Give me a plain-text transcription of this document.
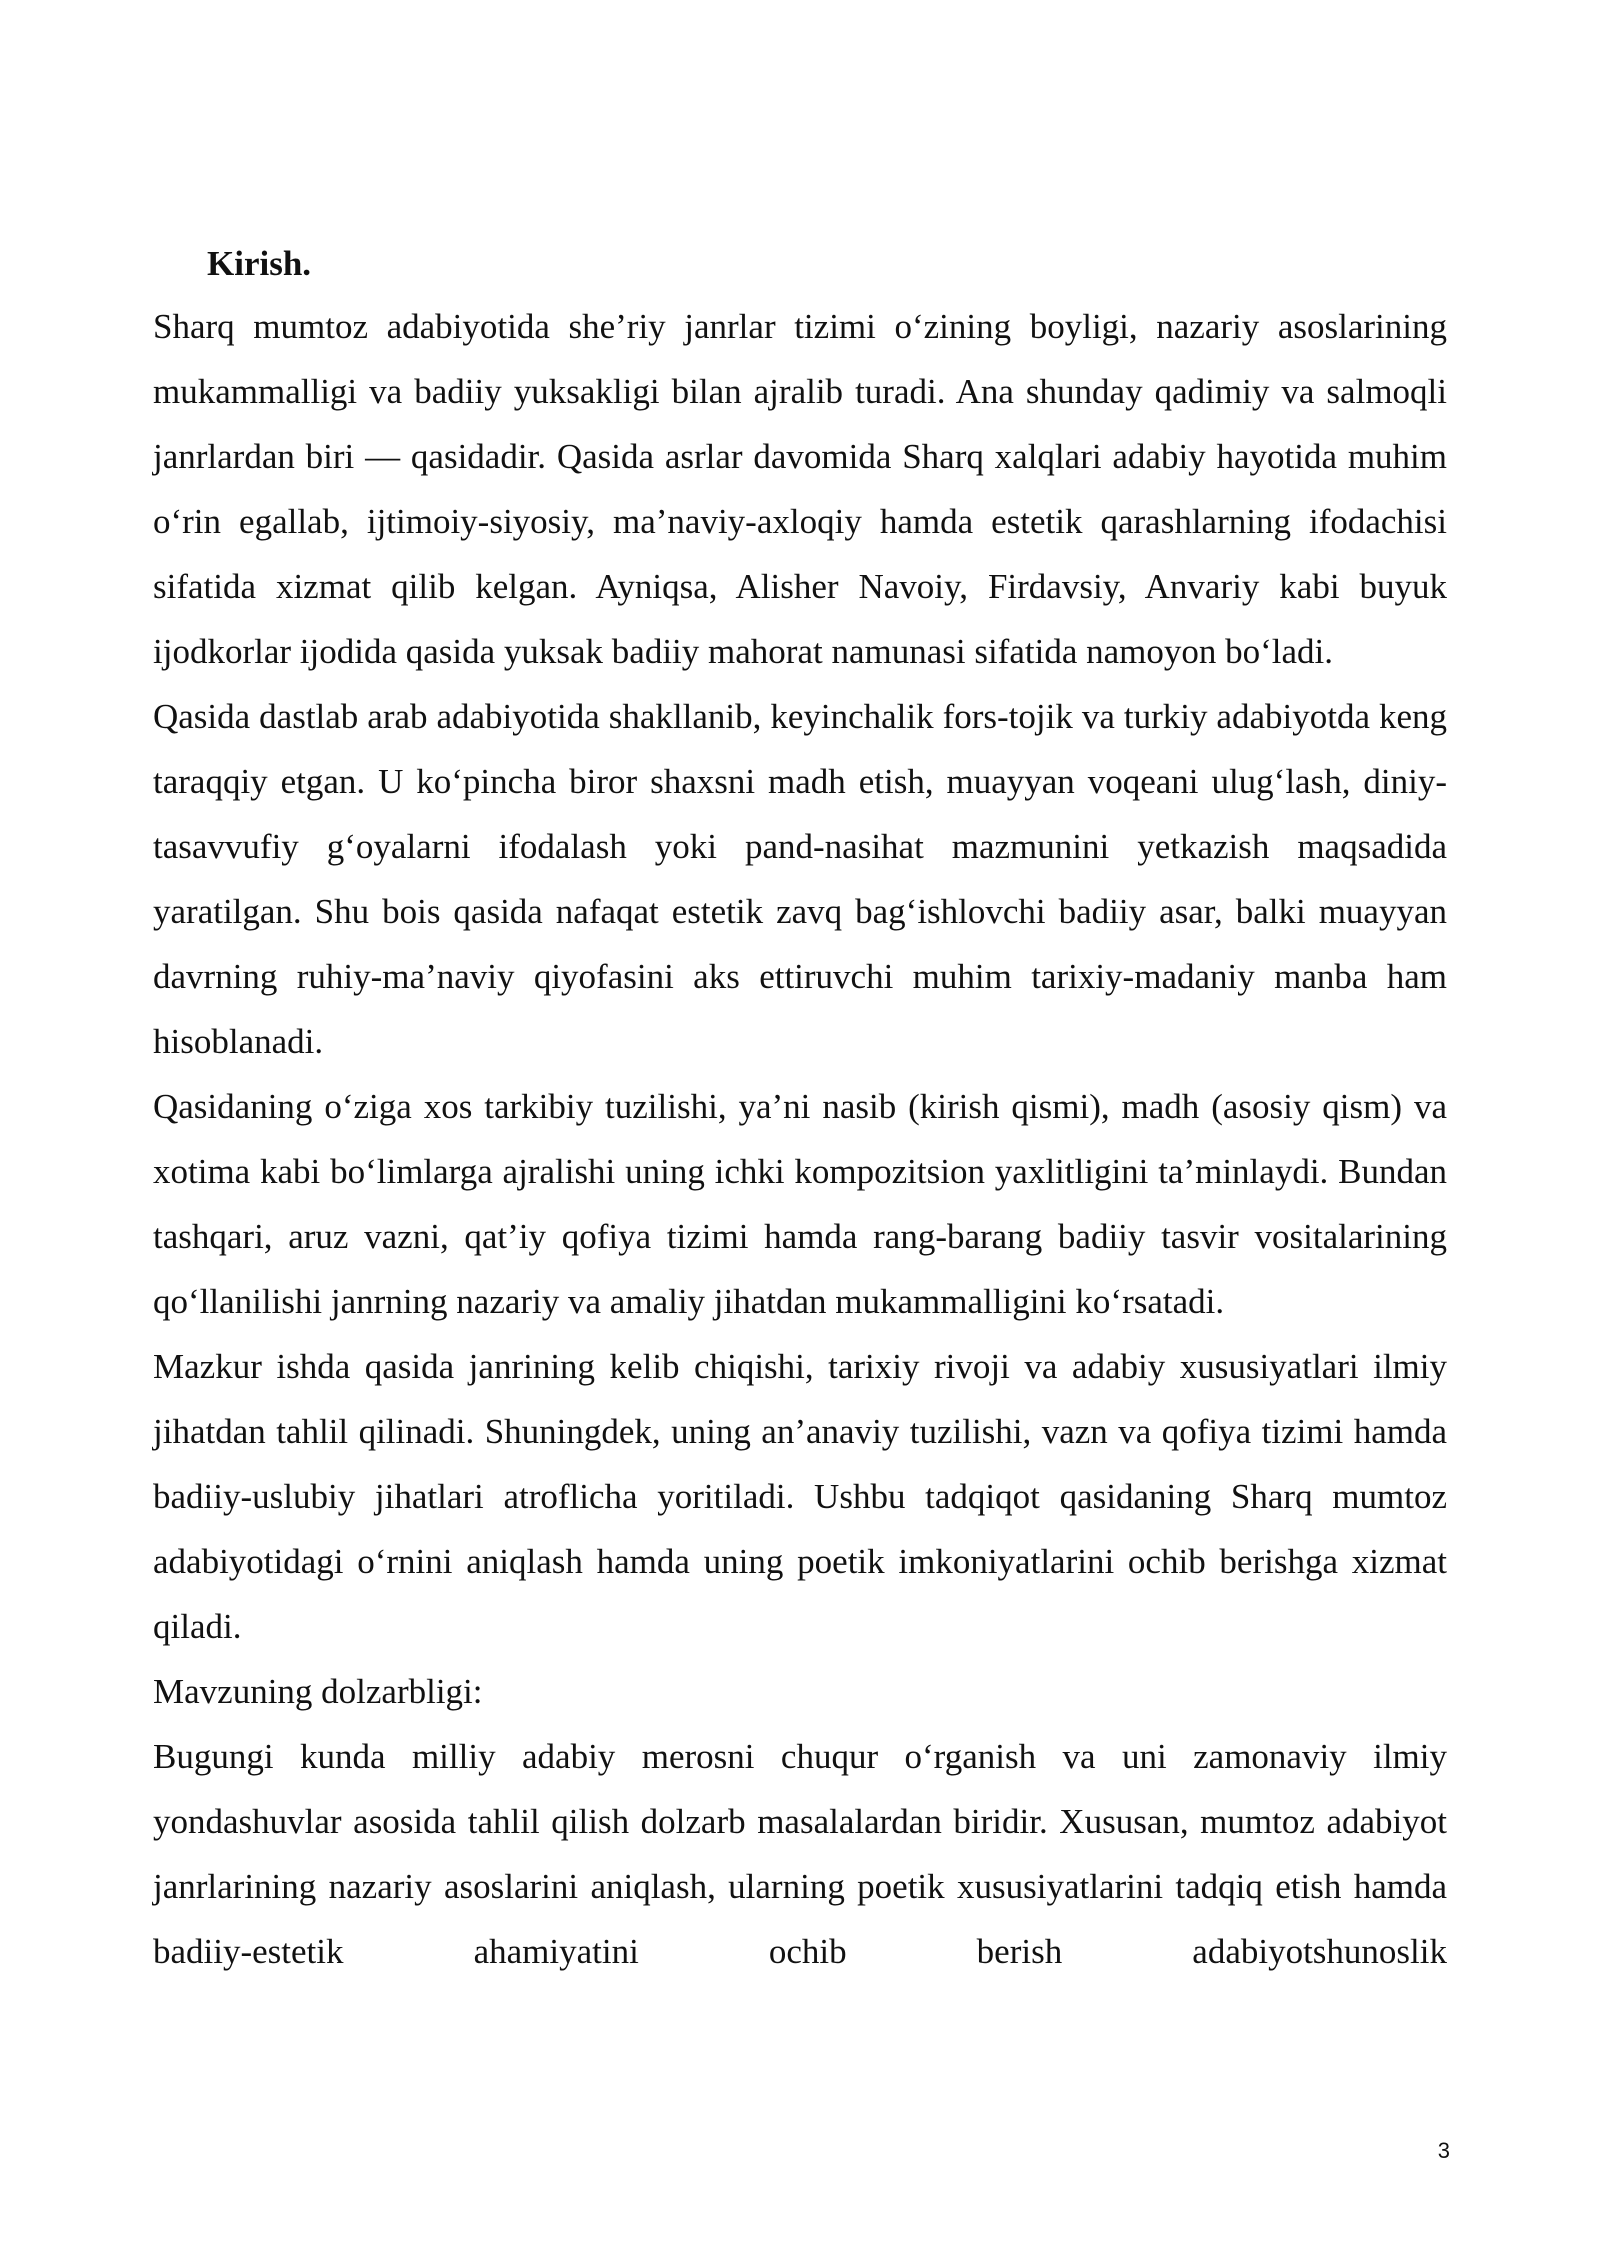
Kirish.

Sharq mumtoz adabiyotida she’riy janrlar tizimi o‘zining boyligi, nazariy asoslarining mukammalligi va badiiy yuksakligi bilan ajralib turadi. Ana shunday qadimiy va salmoqli janrlardan biri — qasidadir. Qasida asrlar davomida Sharq xalqlari adabiy hayotida muhim o‘rin egallab, ijtimoiy-siyosiy, ma’naviy-axloqiy hamda estetik qarashlarning ifodachisi sifatida xizmat qilib kelgan. Ayniqsa, Alisher Navoiy, Firdavsiy, Anvariy kabi buyuk ijodkorlar ijodida qasida yuksak badiiy mahorat namunasi sifatida namoyon bo‘ladi.

Qasida dastlab arab adabiyotida shakllanib, keyinchalik fors-tojik va turkiy adabiyotda keng taraqqiy etgan. U ko‘pincha biror shaxsni madh etish, muayyan voqeani ulug‘lash, diniy-tasavvufiy g‘oyalarni ifodalash yoki pand-nasihat mazmunini yetkazish maqsadida yaratilgan. Shu bois qasida nafaqat estetik zavq bag‘ishlovchi badiiy asar, balki muayyan davrning ruhiy-ma’naviy qiyofasini aks ettiruvchi muhim tarixiy-madaniy manba ham hisoblanadi.

Qasidaning o‘ziga xos tarkibiy tuzilishi, ya’ni nasib (kirish qismi), madh (asosiy qism) va xotima kabi bo‘limlarga ajralishi uning ichki kompozitsion yaxlitligini ta’minlaydi. Bundan tashqari, aruz vazni, qat’iy qofiya tizimi hamda rang-barang badiiy tasvir vositalarining qo‘llanilishi janrning nazariy va amaliy jihatdan mukammalligini ko‘rsatadi.

Mazkur ishda qasida janrining kelib chiqishi, tarixiy rivoji va adabiy xususiyatlari ilmiy jihatdan tahlil qilinadi. Shuningdek, uning an’anaviy tuzilishi, vazn va qofiya tizimi hamda badiiy-uslubiy jihatlari atroflicha yoritiladi. Ushbu tadqiqot qasidaning Sharq mumtoz adabiyotidagi o‘rnini aniqlash hamda uning poetik imkoniyatlarini ochib berishga xizmat qiladi.

Mavzuning dolzarbligi:

Bugungi kunda milliy adabiy merosni chuqur o‘rganish va uni zamonaviy ilmiy yondashuvlar asosida tahlil qilish dolzarb masalalardan biridir. Xususan, mumtoz adabiyot janrlarining nazariy asoslarini aniqlash, ularning poetik xususiyatlarini tadqiq etish hamda badiiy-estetik ahamiyatini ochib berish adabiyotshunoslik

3
